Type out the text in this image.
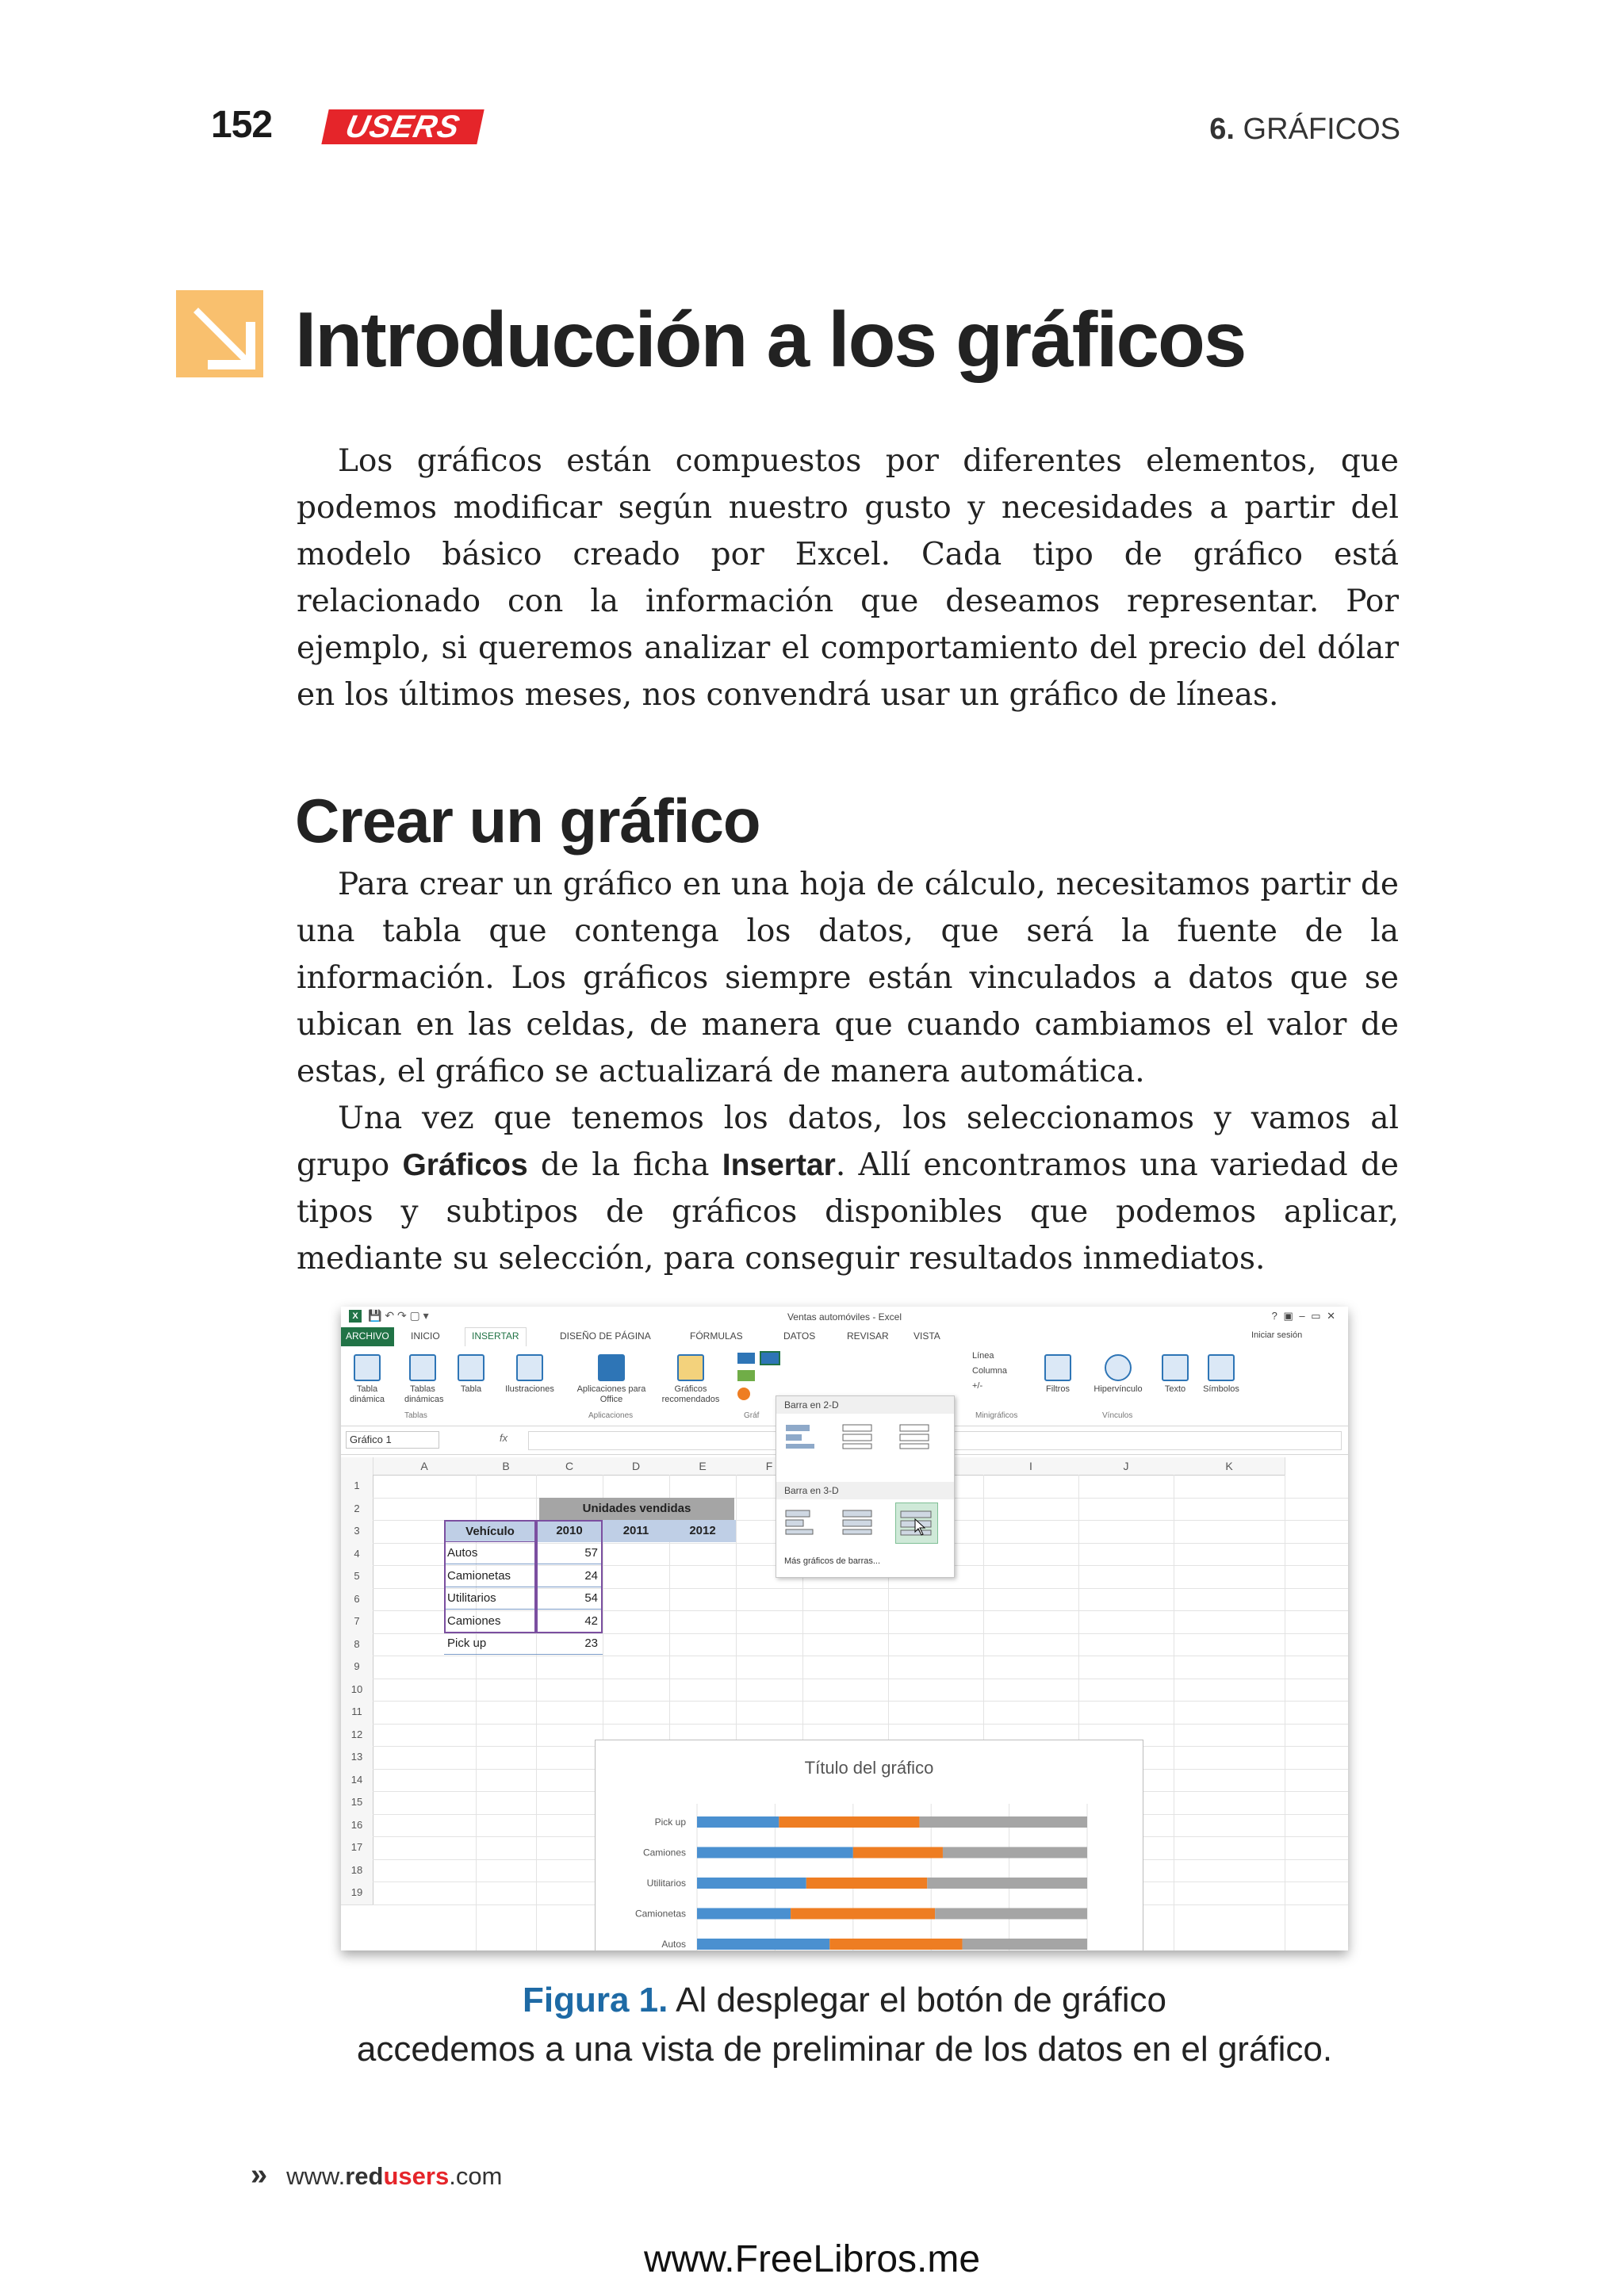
152	USERS	6. GRÁFICOS
Introducción a los gráficos

Los gráficos están compuestos por diferentes elementos, que podemos modificar según nuestro gusto y necesidades a partir del modelo básico creado por Excel. Cada tipo de gráfico está relacionado con la información que deseamos representar. Por ejemplo, si queremos analizar el comportamiento del precio del dólar en los últimos meses, nos convendrá usar un gráfico de líneas.

Crear un gráfico

Para crear un gráfico en una hoja de cálculo, necesitamos partir de una tabla que contenga los datos, que será la fuente de la información. Los gráficos siempre están vinculados a datos que se ubican en las celdas, de manera que cuando cambiamos el valor de estas, el gráfico se actualizará de manera automática.

Una vez que tenemos los datos, los seleccionamos y vamos al grupo Gráficos de la ficha Insertar. Allí encontramos una variedad de tipos y subtipos de gráficos disponibles que podemos aplicar, mediante su selección, para conseguir resultados inmediatos.

X 💾 ↶ ↷ ▢ ▾	Ventas automóviles - Excel	? ▣ – ▭ ✕
ARCHIVO	INICIO	INSERTAR	DISEÑO DE PÁGINA	FÓRMULAS	DATOS	REVISAR	VISTA	Iniciar sesión
Tabla dinámica
Tablas dinámicas
Tabla	Ilustraciones	Aplicaciones para Office
Gráficos recomendados
Línea
Columna
+/-	Filtros	Hipervínculo	Texto	Símbolos
Tablas	Aplicaciones	Gráf	Minigráficos	Vínculos
Gráfico 1	fx
A	B	C	D	E	F	I	J	K
1
2
3
4
5
6
7
8
9
10
11
12
13
14
15
16
17
18
19
Unidades vendidas
Vehículo	2010	2011	2012
Autos	57
Camionetas	24
Utilitarios	54
Camiones	42
Pick up	23
Título del gráfico
Pick up
Camiones
Utilitarios
Camionetas
Autos
Barra en 2-D
Barra en 3-D
Más gráficos de barras...
Figura 1. Al desplegar el botón de gráfico
accedemos a una vista de preliminar de los datos en el gráfico.
» www.redusers.com
www.FreeLibros.me
